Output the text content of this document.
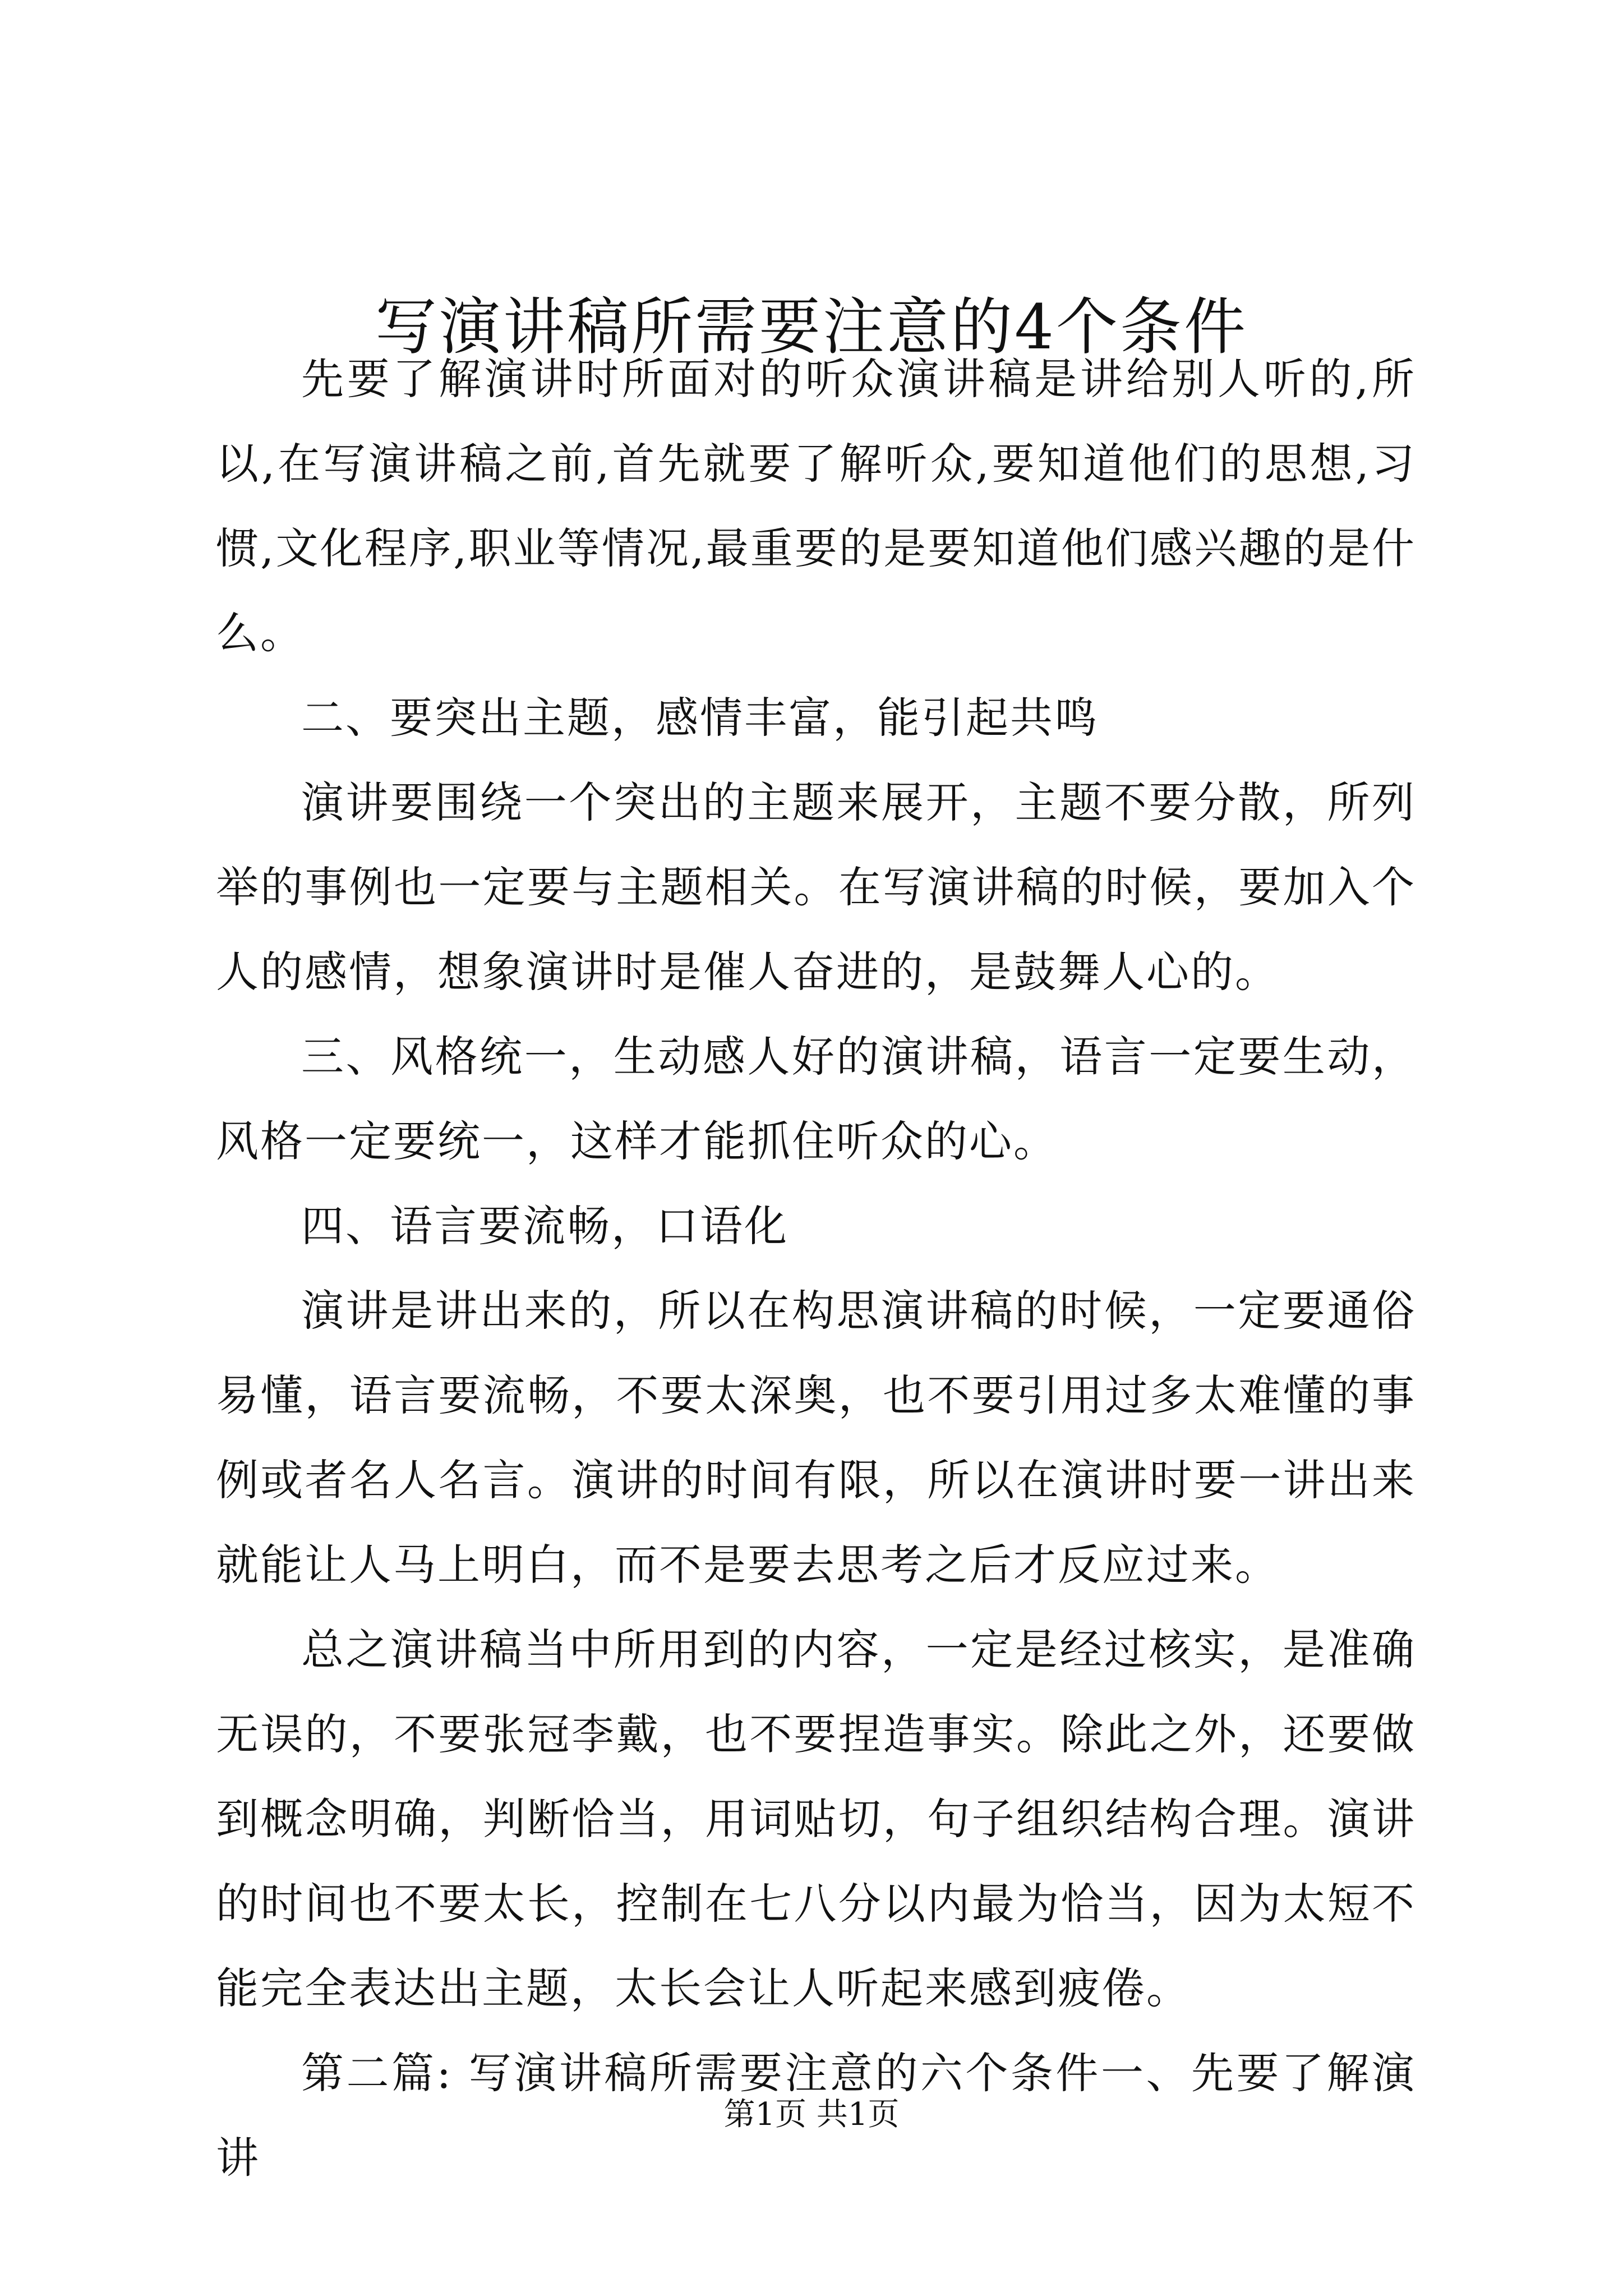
写演讲稿所需要注意的4个条件

先要了解演讲时所面对的听众演讲稿是讲给别人听的,所以,在写演讲稿之前,首先就要了解听众,要知道他们的思想,习惯,文化程序,职业等情况,最重要的是要知道他们感兴趣的是什么。

二、要突出主题，感情丰富，能引起共鸣

演讲要围绕一个突出的主题来展开，主题不要分散，所列举的事例也一定要与主题相关。在写演讲稿的时候，要加入个人的感情，想象演讲时是催人奋进的，是鼓舞人心的。

三、风格统一，生动感人好的演讲稿，语言一定要生动，风格一定要统一，这样才能抓住听众的心。

四、语言要流畅，口语化

演讲是讲出来的，所以在构思演讲稿的时候，一定要通俗易懂，语言要流畅，不要太深奥，也不要引用过多太难懂的事例或者名人名言。演讲的时间有限，所以在演讲时要一讲出来就能让人马上明白，而不是要去思考之后才反应过来。

总之演讲稿当中所用到的内容，一定是经过核实，是准确无误的，不要张冠李戴，也不要捏造事实。除此之外，还要做到概念明确，判断恰当，用词贴切，句子组织结构合理。演讲的时间也不要太长，控制在七八分以内最为恰当，因为太短不能完全表达出主题，太长会让人听起来感到疲倦。

第二篇: 写演讲稿所需要注意的六个条件一、先要了解演讲

第1页 共1页
